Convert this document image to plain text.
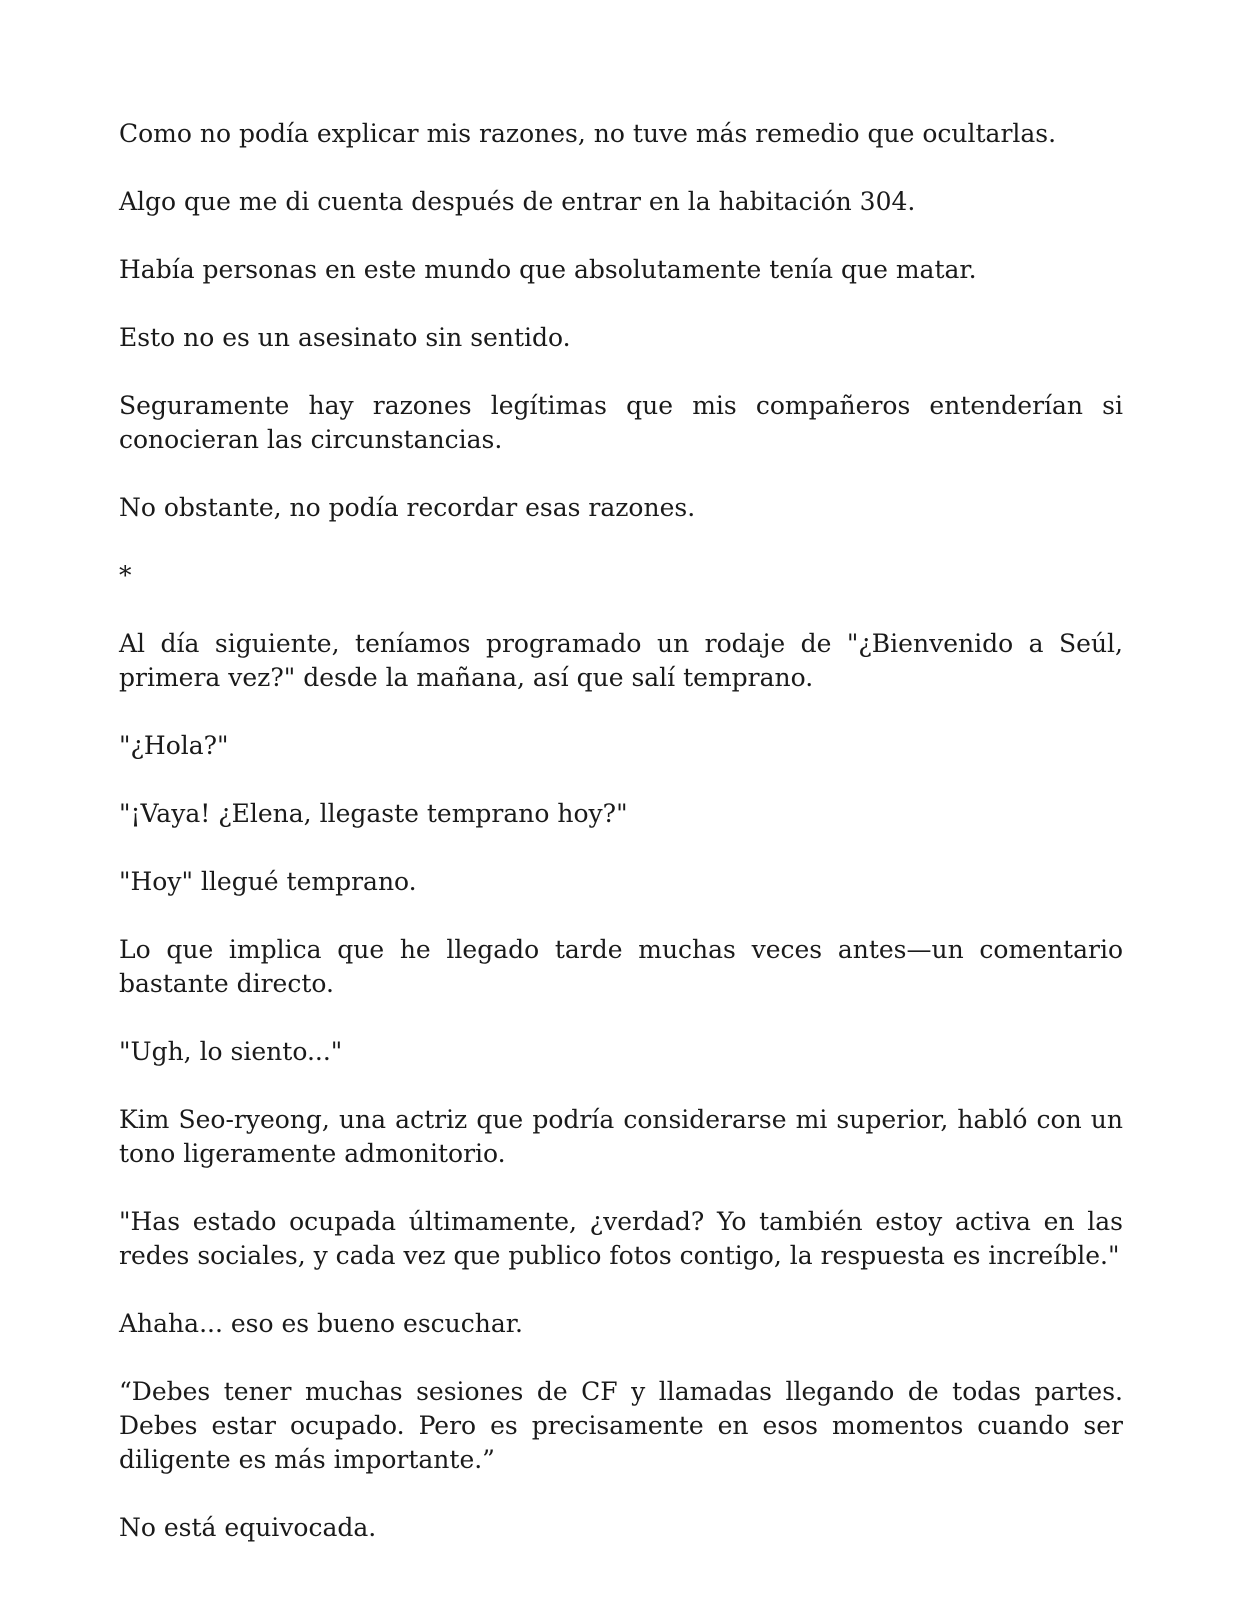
Como no podía explicar mis razones, no tuve más remedio que ocultarlas.

Algo que me di cuenta después de entrar en la habitación 304.

Había personas en este mundo que absolutamente tenía que matar.

Esto no es un asesinato sin sentido.

Seguramente hay razones legítimas que mis compañeros entenderían si conocieran las circunstancias.

No obstante, no podía recordar esas razones.

*

Al día siguiente, teníamos programado un rodaje de "¿Bienvenido a Seúl, primera vez?" desde la mañana, así que salí temprano.

"¿Hola?"

"¡Vaya! ¿Elena, llegaste temprano hoy?"

"Hoy" llegué temprano.

Lo que implica que he llegado tarde muchas veces antes—un comentario bastante directo.

"Ugh, lo siento..."

Kim Seo-ryeong, una actriz que podría considerarse mi superior, habló con un tono ligeramente admonitorio.

"Has estado ocupada últimamente, ¿verdad? Yo también estoy activa en las redes sociales, y cada vez que publico fotos contigo, la respuesta es increíble."

Ahaha... eso es bueno escuchar.

“Debes tener muchas sesiones de CF y llamadas llegando de todas partes. Debes estar ocupado. Pero es precisamente en esos momentos cuando ser diligente es más importante.”

No está equivocada.
